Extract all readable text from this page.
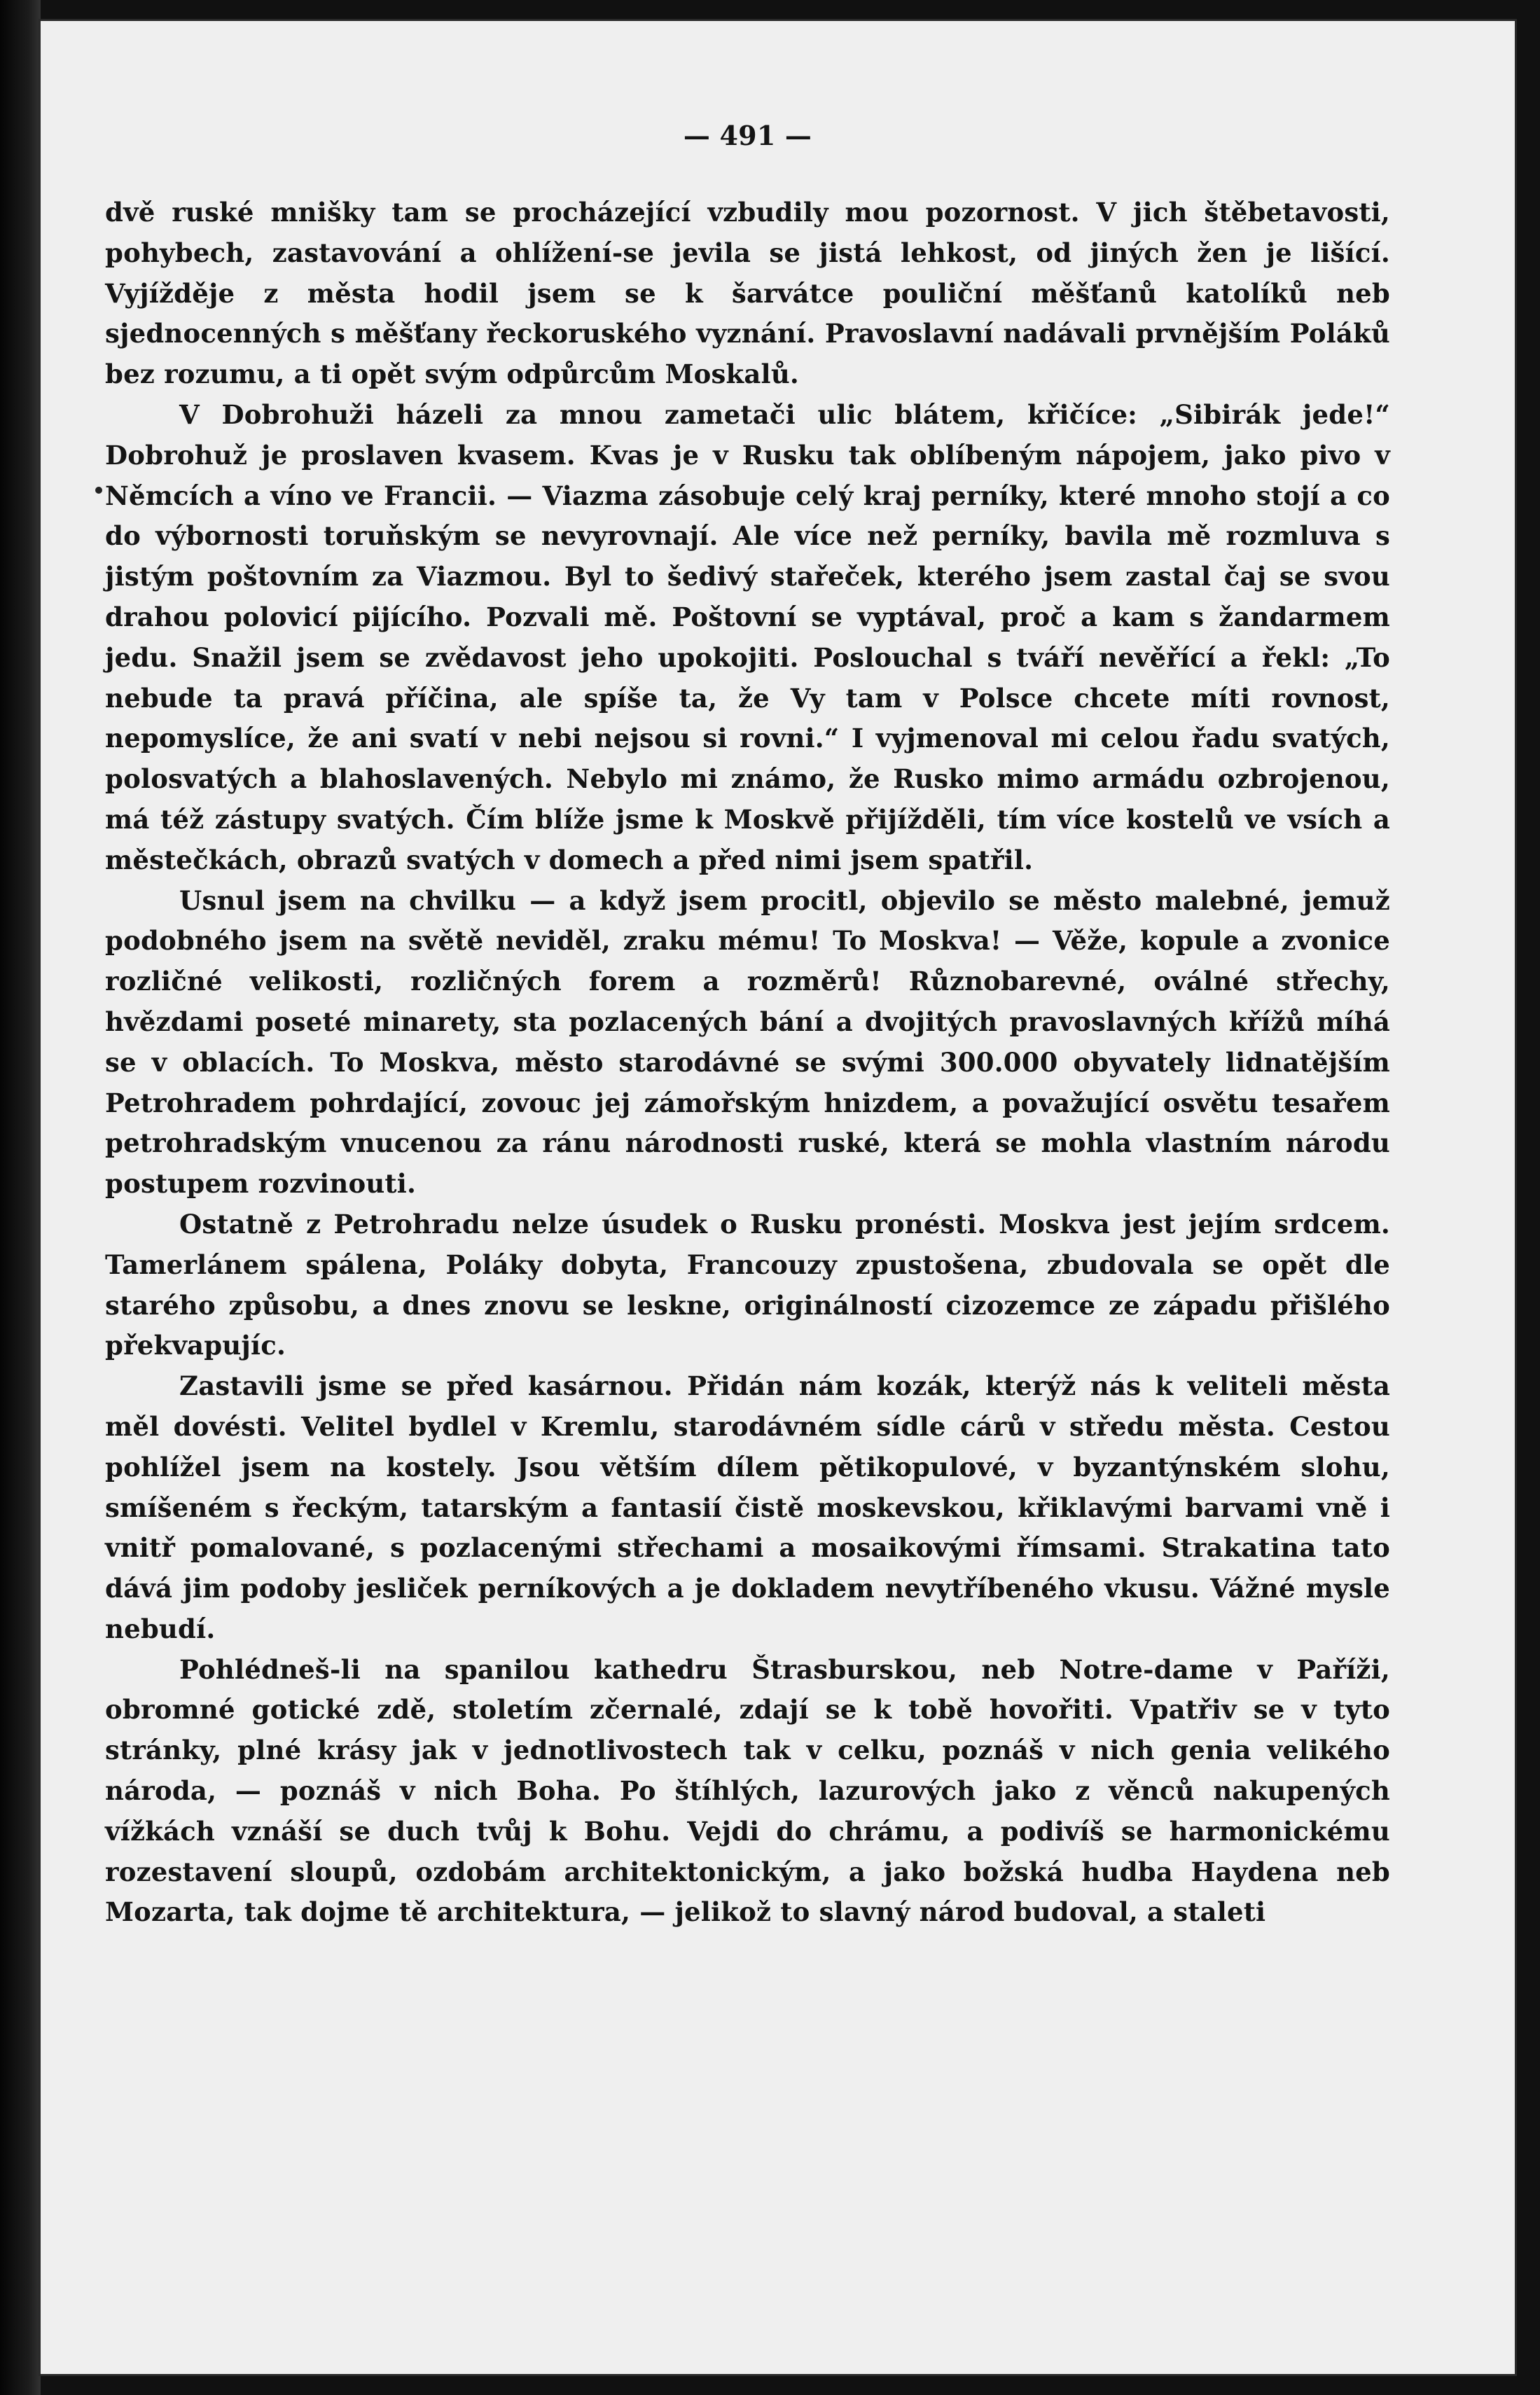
— 491 —

dvě ruské mnišky tam se procházející vzbudily mou pozornost. V jich štěbetavosti, pohybech, zastavování a ohlížení-se jevila se jistá lehkost, od jiných žen je lišící. Vyjížděje z města hodil jsem se k šarvátce pouliční měšťanů katolíků neb sjednocenných s měšťany řeckoruského vyznání. Pravoslavní nadávali prvnějším Poláků bez rozumu, a ti opět svým odpůrcům Moskalů.

V Dobrohuži házeli za mnou zametači ulic blátem, křičíce: „Sibirák jede!“ Dobrohuž je proslaven kvasem. Kvas je v Rusku tak oblíbeným nápojem, jako pivo v Němcích a víno ve Francii. — Viazma zásobuje celý kraj perníky, které mnoho stojí a co do výbornosti toruňským se nevyrovnají. Ale více než perníky, bavila mě rozmluva s jistým poštovním za Viazmou. Byl to šedivý stařeček, kterého jsem zastal čaj se svou drahou polovicí pijícího. Pozvali mě. Poštovní se vyptával, proč a kam s žandarmem jedu. Snažil jsem se zvědavost jeho upokojiti. Poslouchal s tváří nevěřící a řekl: „To nebude ta pravá příčina, ale spíše ta, že Vy tam v Polsce chcete míti rovnost, nepomyslíce, že ani svatí v nebi nejsou si rovni.“ I vyjmenoval mi celou řadu svatých, polosvatých a blahoslavených. Nebylo mi známo, že Rusko mimo armádu ozbrojenou, má též zástupy svatých. Čím blíže jsme k Moskvě přijížděli, tím více kostelů ve vsích a městečkách, obrazů svatých v domech a před nimi jsem spatřil.

Usnul jsem na chvilku — a když jsem procitl, objevilo se město malebné, jemuž podobného jsem na světě neviděl, zraku mému! To Moskva! — Věže, kopule a zvonice rozličné velikosti, rozličných forem a rozměrů! Různobarevné, oválné střechy, hvězdami poseté minarety, sta pozlacených bání a dvojitých pravoslavných křížů míhá se v oblacích. To Moskva, město starodávné se svými 300.000 obyvately lidnatějším Petrohradem pohrdající, zovouc jej zámořským hnizdem, a považující osvětu tesařem petrohradským vnucenou za ránu národnosti ruské, která se mohla vlastním národu postupem rozvinouti.

Ostatně z Petrohradu nelze úsudek o Rusku pronésti. Moskva jest jejím srdcem. Tamerlánem spálena, Poláky dobyta, Francouzy zpustošena, zbudovala se opět dle starého způsobu, a dnes znovu se leskne, originálností cizozemce ze západu přišlého překvapujíc.

Zastavili jsme se před kasárnou. Přidán nám kozák, kterýž nás k veliteli města měl dovésti. Velitel bydlel v Kremlu, starodávném sídle cárů v středu města. Cestou pohlížel jsem na kostely. Jsou větším dílem pětikopulové, v byzantýnském slohu, smíšeném s řeckým, tatarským a fantasií čistě moskevskou, křiklavými barvami vně i vnitř pomalované, s pozlacenými střechami a mosaikovými římsami. Strakatina tato dává jim podoby jesliček perníkových a je dokladem nevytříbeného vkusu. Vážné mysle nebudí.

Pohlédneš-li na spanilou kathedru Štrasburskou, neb Notre-dame v Paříži, obromné gotické zdě, stoletím zčernalé, zdají se k tobě hovořiti. Vpatřiv se v tyto stránky, plné krásy jak v jednotlivostech tak v celku, poznáš v nich genia velikého národa, — poznáš v nich Boha. Po štíhlých, lazurových jako z věnců nakupených vížkách vznáší se duch tvůj k Bohu. Vejdi do chrámu, a podivíš se harmonickému rozestavení sloupů, ozdobám architektonickým, a jako božská hudba Haydena neb Mozarta, tak dojme tě architektura, — jelikož to slavný národ budoval, a staleti
